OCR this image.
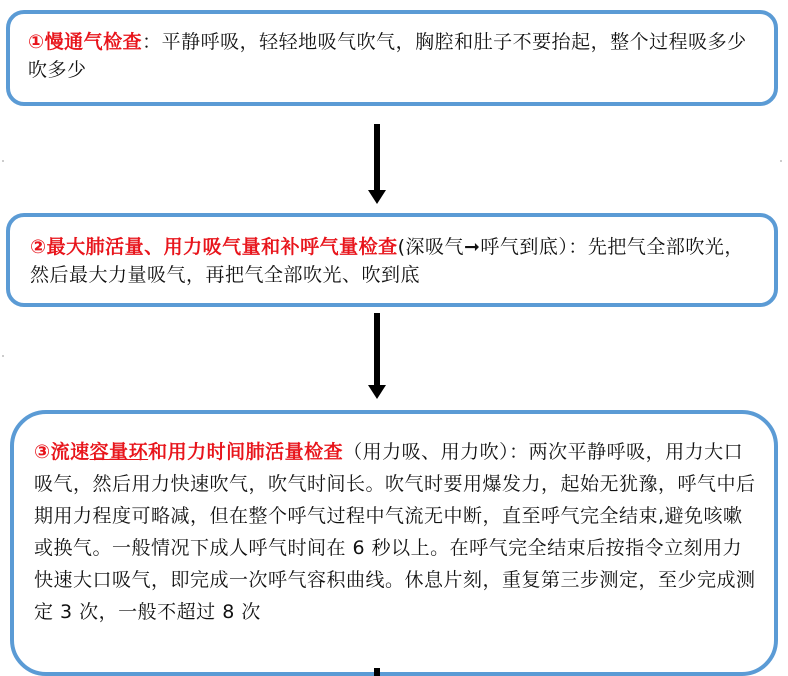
①慢通气检查：平静呼吸，轻轻地吸气吹气，胸腔和肚子不要抬起，整个过程吸多少吹多少
②最大肺活量、用力吸气量和补呼气量检查(深吸气➞呼气到底）：先把气全部吹光，然后最大力量吸气，再把气全部吹光、吹到底
③流速容量环和用力时间肺活量检查（用力吸、用力吹）：两次平静呼吸，用力大口吸气，然后用力快速吹气，吹气时间长。吹气时要用爆发力，起始无犹豫，呼气中后期用力程度可略减，但在整个呼气过程中气流无中断，直至呼气完全结束,避免咳嗽或换气。一般情况下成人呼气时间在 6 秒以上。在呼气完全结束后按指令立刻用力快速大口吸气，即完成一次呼气容积曲线。休息片刻，重复第三步测定，至少完成测定 3 次，一般不超过 8 次
